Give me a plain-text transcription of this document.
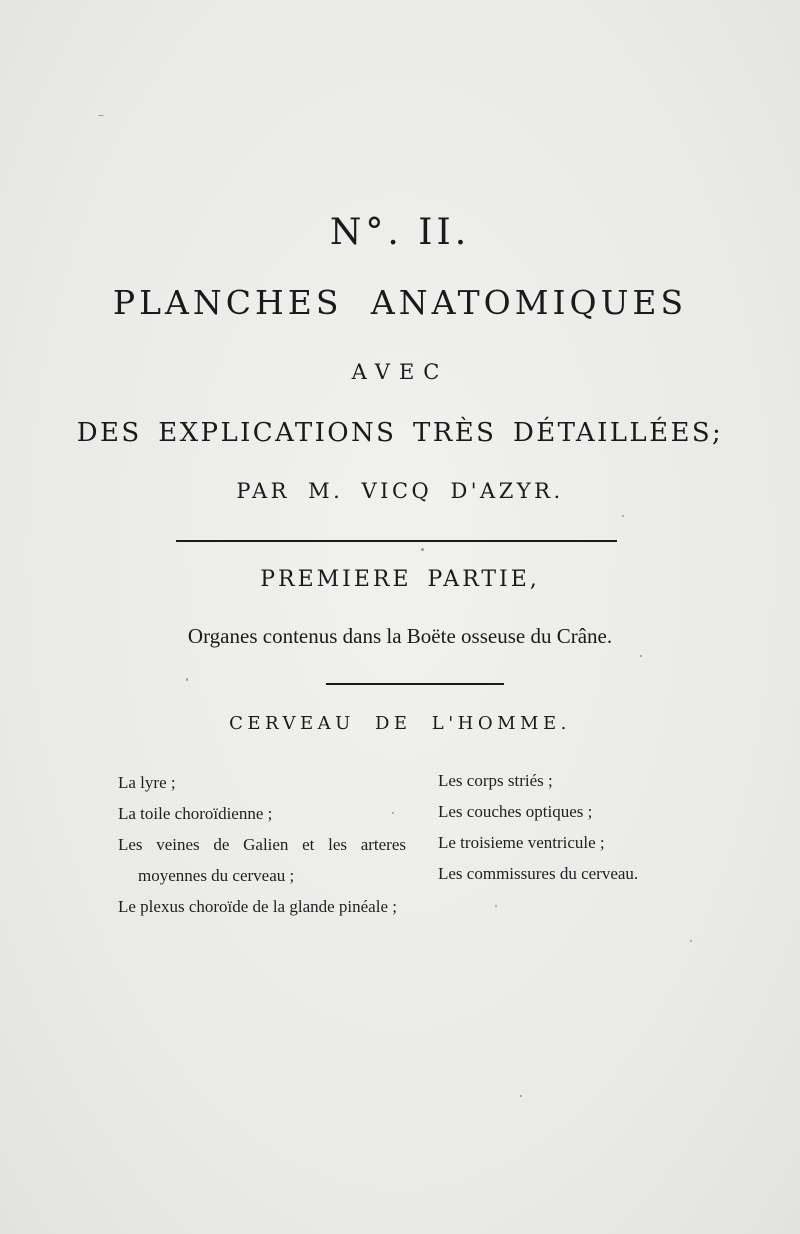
N°. II.
PLANCHES ANATOMIQUES
AVEC
DES EXPLICATIONS TRÈS DÉTAILLÉES;
PAR M. VICQ D'AZYR.
PREMIERE PARTIE,
Organes contenus dans la Boëte osseuse du Crâne.
CERVEAU DE L'HOMME.
La lyre ;
La toile choroïdienne ;
Les veines de Galien et les arteres
moyennes du cerveau ;
Le plexus choroïde de la glande pinéale ;
Les corps striés ;
Les couches optiques ;
Le troisieme ventricule ;
Les commissures du cerveau.
